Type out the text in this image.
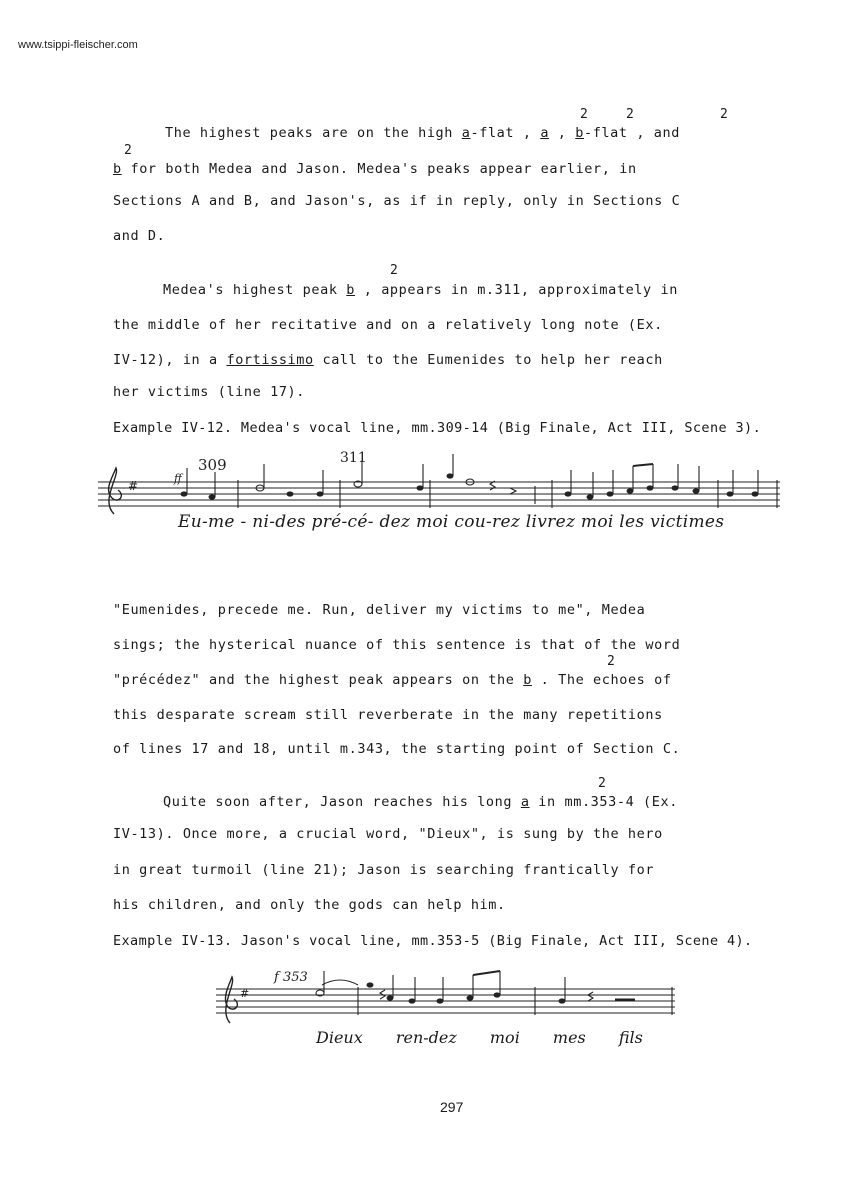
www.tsippi-fleischer.com
2	2	2
The highest peaks are on the high a-flat , a , b-flat , and
2
b for both Medea and Jason. Medea's peaks appear earlier, in
Sections A and B, and Jason's, as if in reply, only in Sections C
and D.
2
Medea's highest peak b , appears in m.311, approximately in
the middle of her recitative and on a relatively long note (Ex.
IV-12), in a fortissimo call to the Eumenides to help her reach
her victims (line 17).
Example IV-12. Medea's vocal line, mm.309-14 (Big Finale, Act III, Scene 3).
#
309	311
ff
Eu-me - ni-des pré-cé- dez moi cou-rez livrez moi les victimes
"Eumenides, precede me. Run, deliver my victims to me", Medea
sings; the hysterical nuance of this sentence is that of the word
2
"précédez" and the highest peak appears on the b . The echoes of
this desparate scream still reverberate in the many repetitions
of lines 17 and 18, until m.343, the starting point of Section C.
2
Quite soon after, Jason reaches his long a in mm.353-4 (Ex.
IV-13). Once more, a crucial word, "Dieux", is sung by the hero
in great turmoil (line 21); Jason is searching frantically for
his children, and only the gods can help him.
Example IV-13. Jason's vocal line, mm.353-5 (Big Finale, Act III, Scene 4).
#
f 353
Dieux ren-dez moi mes fils
297
